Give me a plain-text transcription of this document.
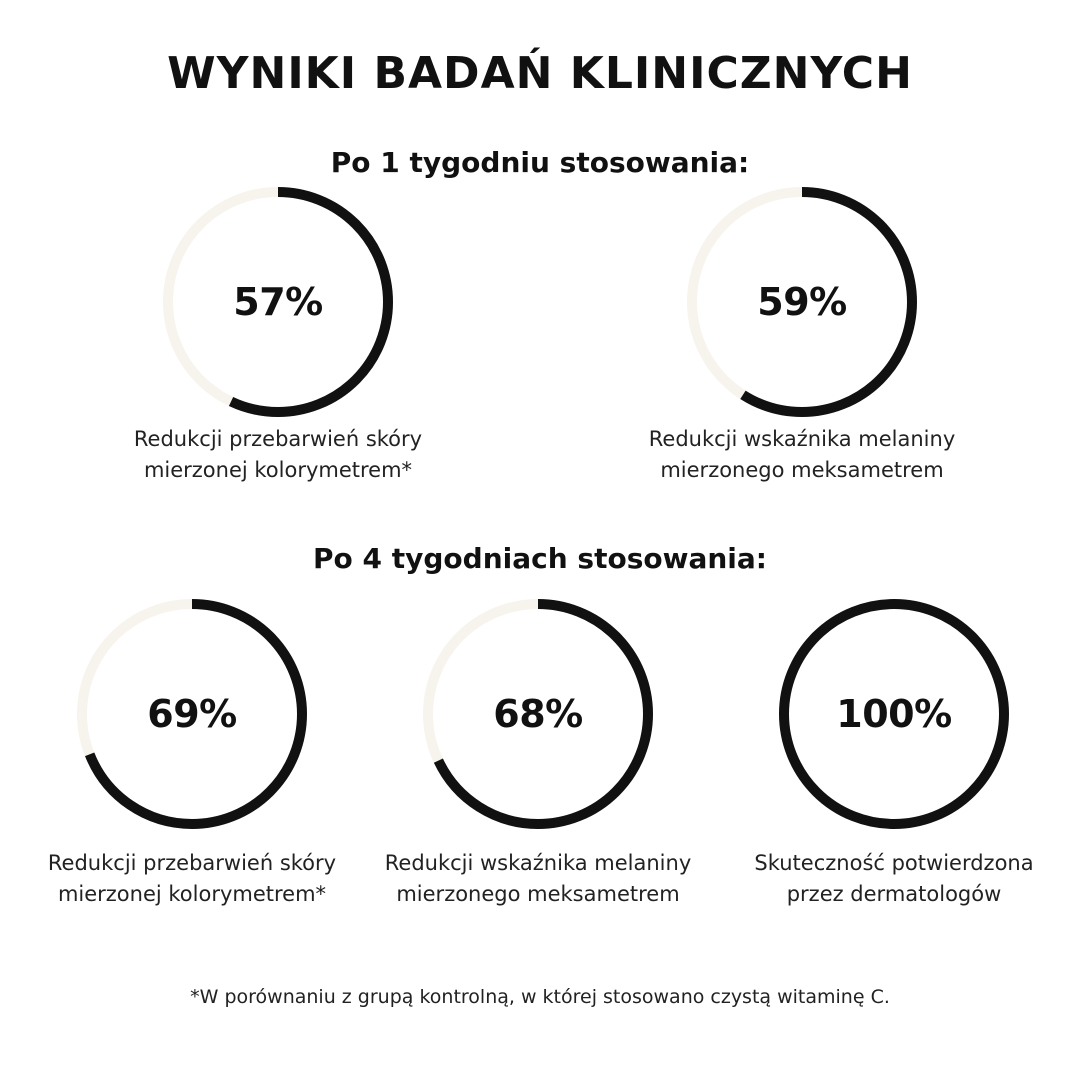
WYNIKI BADAŃ KLINICZNYCH
Po 1 tygodniu stosowania:
57%
Redukcji przebarwień skóry
mierzonej kolorymetrem*
59%
Redukcji wskaźnika melaniny
mierzonego meksametrem
Po 4 tygodniach stosowania:
69%
Redukcji przebarwień skóry
mierzonej kolorymetrem*
68%
Redukcji wskaźnika melaniny
mierzonego meksametrem
100%
Skuteczność potwierdzona
przez dermatologów
*W porównaniu z grupą kontrolną, w której stosowano czystą witaminę C.
